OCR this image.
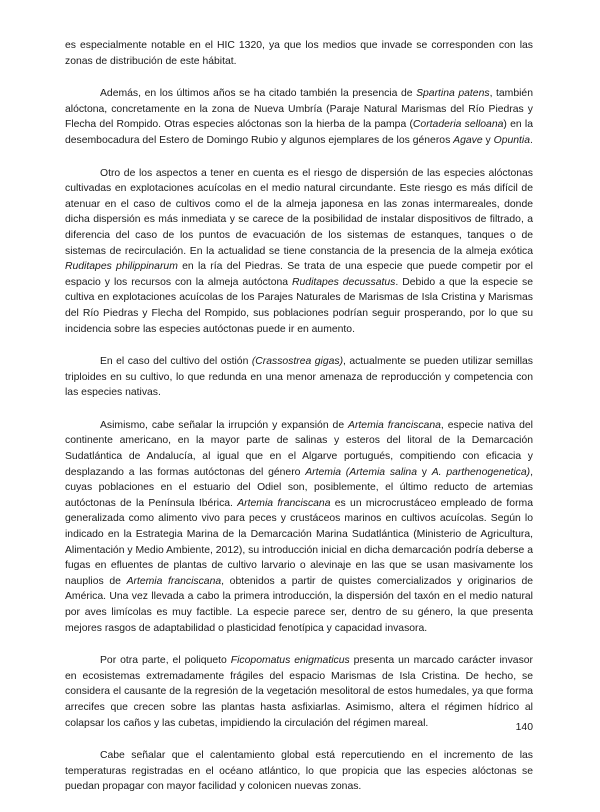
es especialmente notable en el HIC 1320, ya que los medios que invade se corresponden con las zonas de distribución de este hábitat.

Además, en los últimos años se ha citado también la presencia de Spartina patens, también alóctona, concretamente en la zona de Nueva Umbría (Paraje Natural Marismas del Río Piedras y Flecha del Rompido. Otras especies alóctonas son la hierba de la pampa (Cortaderia selloana) en la desembocadura del Estero de Domingo Rubio y algunos ejemplares de los géneros Agave y Opuntia.

Otro de los aspectos a tener en cuenta es el riesgo de dispersión de las especies alóctonas cultivadas en explotaciones acuícolas en el medio natural circundante. Este riesgo es más difícil de atenuar en el caso de cultivos como el de la almeja japonesa en las zonas intermareales, donde dicha dispersión es más inmediata y se carece de la posibilidad de instalar dispositivos de filtrado, a diferencia del caso de los puntos de evacuación de los sistemas de estanques, tanques o de sistemas de recirculación. En la actualidad se tiene constancia de la presencia de la almeja exótica Ruditapes philippinarum en la ría del Piedras. Se trata de una especie que puede competir por el espacio y los recursos con la almeja autóctona Ruditapes decussatus. Debido a que la especie se cultiva en explotaciones acuícolas de los Parajes Naturales de Marismas de Isla Cristina y Marismas del Río Piedras y Flecha del Rompido, sus poblaciones podrían seguir prosperando, por lo que su incidencia sobre las especies autóctonas puede ir en aumento.

En el caso del cultivo del ostión (Crassostrea gigas), actualmente se pueden utilizar semillas triploides en su cultivo, lo que redunda en una menor amenaza de reproducción y competencia con las especies nativas.

Asimismo, cabe señalar la irrupción y expansión de Artemia franciscana, especie nativa del continente americano, en la mayor parte de salinas y esteros del litoral de la Demarcación Sudatlántica de Andalucía, al igual que en el Algarve portugués, compitiendo con eficacia y desplazando a las formas autóctonas del género Artemia (Artemia salina y A. parthenogenetica), cuyas poblaciones en el estuario del Odiel son, posiblemente, el último reducto de artemias autóctonas de la Península Ibérica. Artemia franciscana es un microcrustáceo empleado de forma generalizada como alimento vivo para peces y crustáceos marinos en cultivos acuícolas. Según lo indicado en la Estrategia Marina de la Demarcación Marina Sudatlántica (Ministerio de Agricultura, Alimentación y Medio Ambiente, 2012), su introducción inicial en dicha demarcación podría deberse a fugas en efluentes de plantas de cultivo larvario o alevinaje en las que se usan masivamente los nauplios de Artemia franciscana, obtenidos a partir de quistes comercializados y originarios de América. Una vez llevada a cabo la primera introducción, la dispersión del taxón en el medio natural por aves limícolas es muy factible. La especie parece ser, dentro de su género, la que presenta mejores rasgos de adaptabilidad o plasticidad fenotípica y capacidad invasora.

Por otra parte, el poliqueto Ficopomatus enigmaticus presenta un marcado carácter invasor en ecosistemas extremadamente frágiles del espacio Marismas de Isla Cristina. De hecho, se considera el causante de la regresión de la vegetación mesolitoral de estos humedales, ya que forma arrecifes que crecen sobre las plantas hasta asfixiarlas. Asimismo, altera el régimen hídrico al colapsar los caños y las cubetas, impidiendo la circulación del régimen mareal.

Cabe señalar que el calentamiento global está repercutiendo en el incremento de las temperaturas registradas en el océano atlántico, lo que propicia que las especies alóctonas se puedan propagar con mayor facilidad y colonicen nuevas zonas.

140
